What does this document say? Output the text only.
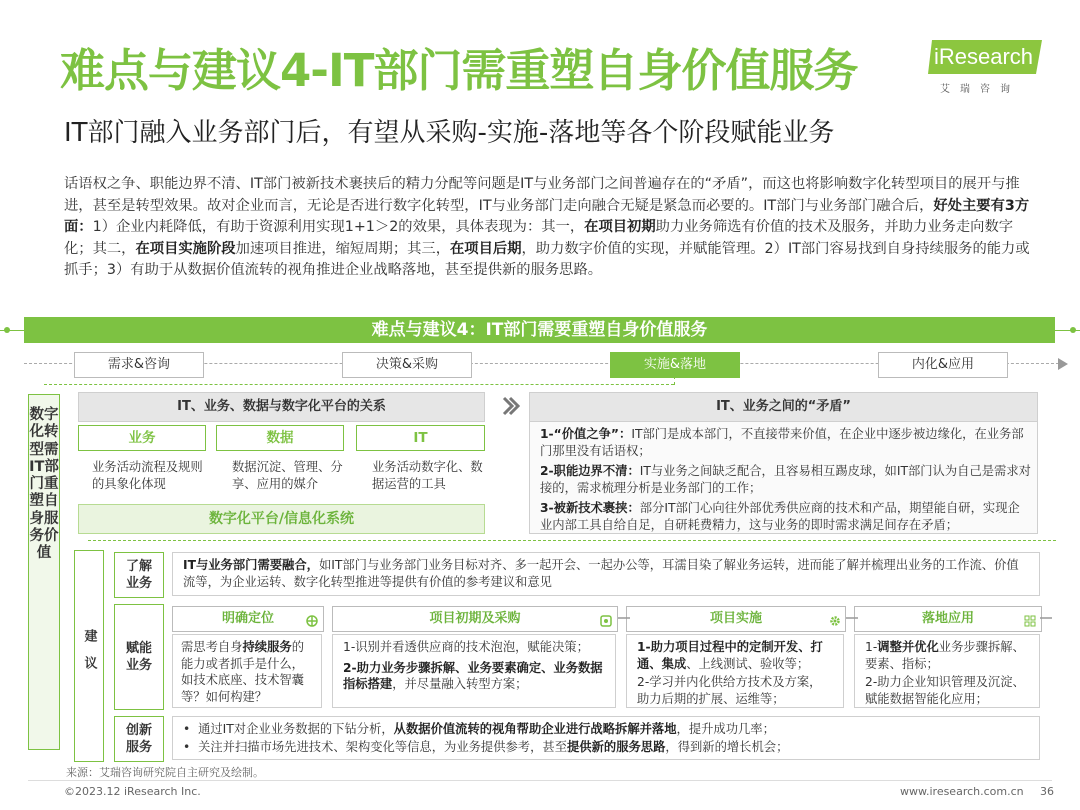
难点与建议4-IT部门需重塑自身价值服务	iResearch
艾瑞咨询
IT部门融入业务部门后，有望从采购-实施-落地等各个阶段赋能业务
话语权之争、职能边界不清、IT部门被新技术裹挟后的精力分配等问题是IT与业务部门之间普遍存在的“矛盾”，而这也将影响数字化转型项目的展开与推进，甚至是转型效果。故对企业而言，无论是否进行数字化转型，IT与业务部门走向融合无疑是紧急而必要的。IT部门与业务部门融合后，好处主要有3方面：1）企业内耗降低，有助于资源利用实现1+1＞2的效果，具体表现为：其一，在项目初期助力业务筛选有价值的技术及服务，并助力业务走向数字化；其二，在项目实施阶段加速项目推进，缩短周期；其三，在项目后期，助力数字价值的实现，并赋能管理。2）IT部门容易找到自身持续服务的能力或抓手；3）有助于从数据价值流转的视角推进企业战略落地，甚至提供新的服务思路。
难点与建议4：IT部门需要重塑自身价值服务
需求&咨询	决策&采购	实施&落地	内化&应用
数字化转型需IT部门重塑自身服务价值
IT、业务、数据与数字化平台的关系
业务	数据	IT
业务活动流程及规则的具象化体现
数据沉淀、管理、分享、应用的媒介
业务活动数字化、数据运营的工具
数字化平台/信息化系统
IT、业务之间的“矛盾”
1-“价值之争”：IT部门是成本部门，不直接带来价值，在企业中逐步被边缘化，在业务部门那里没有话语权；
2-职能边界不清：IT与业务之间缺乏配合，且容易相互踢皮球，如IT部门认为自己是需求对接的，需求梳理分析是业务部门的工作；
3-被新技术裹挟：部分IT部门心向往外部优秀供应商的技术和产品，期望能自研，实现企业内部工具自给自足，自研耗费精力，这与业务的即时需求满足间存在矛盾；
建议
了解业务
IT与业务部门需要融合，如IT部门与业务部门业务目标对齐、多一起开会、一起办公等，耳濡目染了解业务运转，进而能了解并梳理出业务的工作流、价值流等，为企业运转、数字化转型推进等提供有价值的参考建议和意见
赋能业务
明确定位
需思考自身持续服务的能力或者抓手是什么，如技术底座、技术智囊等？如何构建？
项目初期及采购
1-识别并看透供应商的技术泡泡，赋能决策；
2-助力业务步骤拆解、业务要素确定、业务数据指标搭建，并尽量融入转型方案；
项目实施
1-助力项目过程中的定制开发、打通、集成、上线测试、验收等；
2-学习并内化供给方技术及方案，助力后期的扩展、运维等；
落地应用
1-调整并优化业务步骤拆解、要素、指标；
2-助力企业知识管理及沉淀、赋能数据智能化应用；
创新服务
•  通过IT对企业业务数据的下钻分析，从数据价值流转的视角帮助企业进行战略拆解并落地，提升成功几率；
•  关注并扫描市场先进技术、架构变化等信息，为业务提供参考，甚至提供新的服务思路，得到新的增长机会；
来源：艾瑞咨询研究院自主研究及绘制。
©2023.12 iResearch Inc.	www.iresearch.com.cn 36
